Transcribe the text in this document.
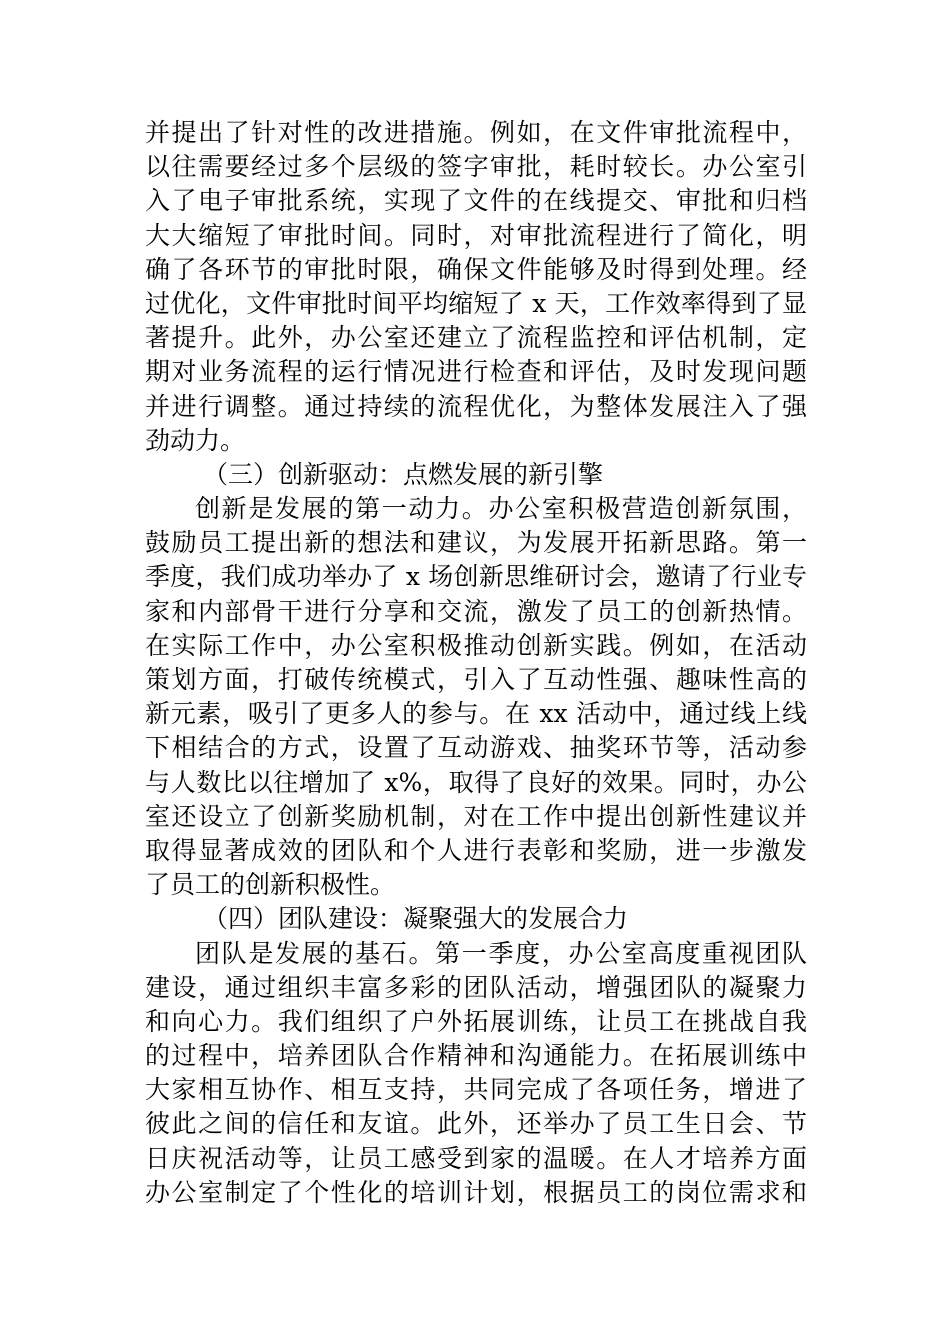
并提出了针对性的改进措施。例如，在文件审批流程中，
以往需要经过多个层级的签字审批，耗时较长。办公室引
入了电子审批系统，实现了文件的在线提交、审批和归档
大大缩短了审批时间。同时，对审批流程进行了简化，明
确了各环节的审批时限，确保文件能够及时得到处理。经
过优化，文件审批时间平均缩短了 x 天，工作效率得到了显
著提升。此外，办公室还建立了流程监控和评估机制，定
期对业务流程的运行情况进行检查和评估，及时发现问题
并进行调整。通过持续的流程优化，为整体发展注入了强
劲动力。
（三）创新驱动：点燃发展的新引擎
创新是发展的第一动力。办公室积极营造创新氛围，
鼓励员工提出新的想法和建议，为发展开拓新思路。第一
季度，我们成功举办了 x 场创新思维研讨会，邀请了行业专
家和内部骨干进行分享和交流，激发了员工的创新热情。
在实际工作中，办公室积极推动创新实践。例如，在活动
策划方面，打破传统模式，引入了互动性强、趣味性高的
新元素，吸引了更多人的参与。在 xx 活动中，通过线上线
下相结合的方式，设置了互动游戏、抽奖环节等，活动参
与人数比以往增加了 x%，取得了良好的效果。同时，办公
室还设立了创新奖励机制，对在工作中提出创新性建议并
取得显著成效的团队和个人进行表彰和奖励，进一步激发
了员工的创新积极性。
（四）团队建设：凝聚强大的发展合力
团队是发展的基石。第一季度，办公室高度重视团队
建设，通过组织丰富多彩的团队活动，增强团队的凝聚力
和向心力。我们组织了户外拓展训练，让员工在挑战自我
的过程中，培养团队合作精神和沟通能力。在拓展训练中
大家相互协作、相互支持，共同完成了各项任务，增进了
彼此之间的信任和友谊。此外，还举办了员工生日会、节
日庆祝活动等，让员工感受到家的温暖。在人才培养方面
办公室制定了个性化的培训计划，根据员工的岗位需求和
